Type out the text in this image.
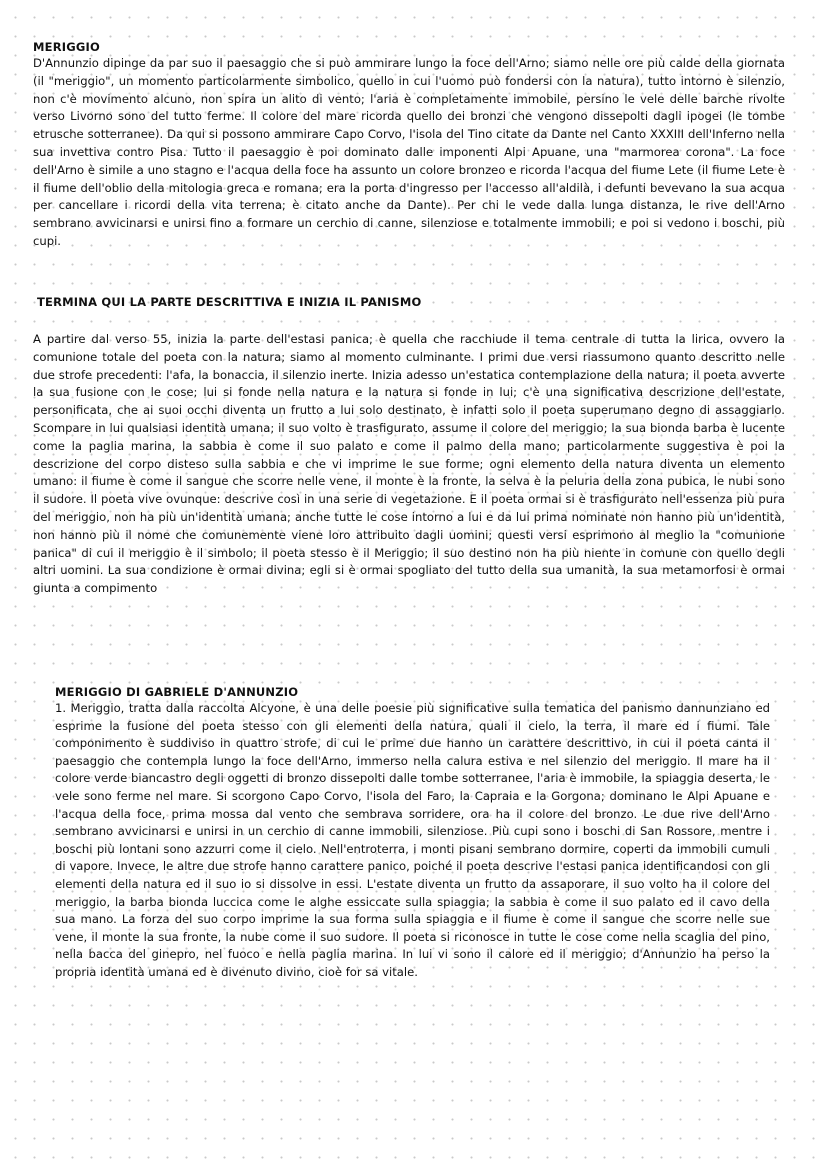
MERIGGIO

D'Annunzio dipinge da par suo il paesaggio che si può ammirare lungo la foce dell'Arno; siamo nelle ore più calde della giornata (il "meriggio", un momento particolarmente simbolico, quello in cui l'uomo può fondersi con la natura), tutto intorno è silenzio, non c'è movimento alcuno, non spira un alito di vento; l'aria è completamente immobile, persino le vele delle barche rivolte verso Livorno sono del tutto ferme. Il colore del mare ricorda quello dei bronzi che vengono dissepolti dagli ipogei (le tombe etrusche sotterranee). Da qui si possono ammirare Capo Corvo, l'isola del Tino citate da Dante nel Canto XXXIII dell'Inferno nella sua invettiva contro Pisa. Tutto il paesaggio è poi dominato dalle imponenti Alpi Apuane, una "marmorea corona". La foce dell'Arno è simile a uno stagno e l'acqua della foce ha assunto un colore bronzeo e ricorda l'acqua del fiume Lete (il fiume Lete è il fiume dell'oblio della mitologia greca e romana; era la porta d'ingresso per l'accesso all'aldilà, i defunti bevevano la sua acqua per cancellare i ricordi della vita terrena; è citato anche da Dante). Per chi le vede dalla lunga distanza, le rive dell'Arno sembrano avvicinarsi e unirsi fino a formare un cerchio di canne, silenziose e totalmente immobili; e poi si vedono i boschi, più cupi.

TERMINA QUI LA PARTE DESCRITTIVA E INIZIA IL PANISMO

A partire dal verso 55, inizia la parte dell'estasi panica; è quella che racchiude il tema centrale di tutta la lirica, ovvero la comunione totale del poeta con la natura; siamo al momento culminante. I primi due versi riassumono quanto descritto nelle due strofe precedenti: l'afa, la bonaccia, il silenzio inerte. Inizia adesso un'estatica contemplazione della natura; il poeta avverte la sua fusione con le cose; lui si fonde nella natura e la natura si fonde in lui; c'è una significativa descrizione dell'estate, personificata, che ai suoi occhi diventa un frutto a lui solo destinato, è infatti solo il poeta superumano degno di assaggiarlo. Scompare in lui qualsiasi identità umana; il suo volto è trasfigurato, assume il colore del meriggio; la sua bionda barba è lucente come la paglia marina, la sabbia è come il suo palato e come il palmo della mano; particolarmente suggestiva è poi la descrizione del corpo disteso sulla sabbia e che vi imprime le sue forme; ogni elemento della natura diventa un elemento umano: il fiume è come il sangue che scorre nelle vene, il monte è la fronte, la selva è la peluria della zona pubica, le nubi sono il sudore. Il poeta vive ovunque: descrive così in una serie di vegetazione. E il poeta ormai si è trasfigurato nell'essenza più pura del meriggio, non ha più un'identità umana; anche tutte le cose intorno a lui e da lui prima nominate non hanno più un'identità, non hanno più il nome che comunemente viene loro attribuito dagli uomini; questi versi esprimono al meglio la "comunione panica" di cui il meriggio è il simbolo; il poeta stesso è il Meriggio; il suo destino non ha più niente in comune con quello degli altri uomini. La sua condizione è ormai divina; egli si è ormai spogliato del tutto della sua umanità, la sua metamorfosi è ormai giunta a compimento

MERIGGIO DI GABRIELE D'ANNUNZIO

1. Meriggio, tratta dalla raccolta Alcyone, è una delle poesie più significative sulla tematica del panismo dannunziano ed esprime la fusione del poeta stesso con gli elementi della natura, quali il cielo, la terra, il mare ed i fiumi. Tale componimento è suddiviso in quattro strofe, di cui le prime due hanno un carattere descrittivo, in cui il poeta canta il paesaggio che contempla lungo la foce dell'Arno, immerso nella calura estiva e nel silenzio del meriggio. Il mare ha il colore verde biancastro degli oggetti di bronzo dissepolti dalle tombe sotterranee, l'aria è immobile, la spiaggia deserta, le vele sono ferme nel mare. Si scorgono Capo Corvo, l'isola del Faro, la Capraia e la Gorgona; dominano le Alpi Apuane e l'acqua della foce, prima mossa dal vento che sembrava sorridere, ora ha il colore del bronzo. Le due rive dell'Arno sembrano avvicinarsi e unirsi in un cerchio di canne immobili, silenziose. Più cupi sono i boschi di San Rossore, mentre i boschi più lontani sono azzurri come il cielo. Nell'entroterra, i monti pisani sembrano dormire, coperti da immobili cumuli di vapore. Invece, le altre due strofe hanno carattere panico, poiché il poeta descrive l'estasi panica identificandosi con gli elementi della natura ed il suo io si dissolve in essi. L'estate diventa un frutto da assaporare, il suo volto ha il colore del meriggio, la barba bionda luccica come le alghe essiccate sulla spiaggia; la sabbia è come il suo palato ed il cavo della sua mano. La forza del suo corpo imprime la sua forma sulla spiaggia e il fiume è come il sangue che scorre nelle sue vene, il monte la sua fronte, la nube come il suo sudore. Il poeta si riconosce in tutte le cose come nella scaglia del pino, nella bacca del ginepro, nel fuoco e nella paglia marina. In lui vi sono il calore ed il meriggio; d'Annunzio ha perso la propria identità umana ed è divenuto divino, cioè for sa vitale.
